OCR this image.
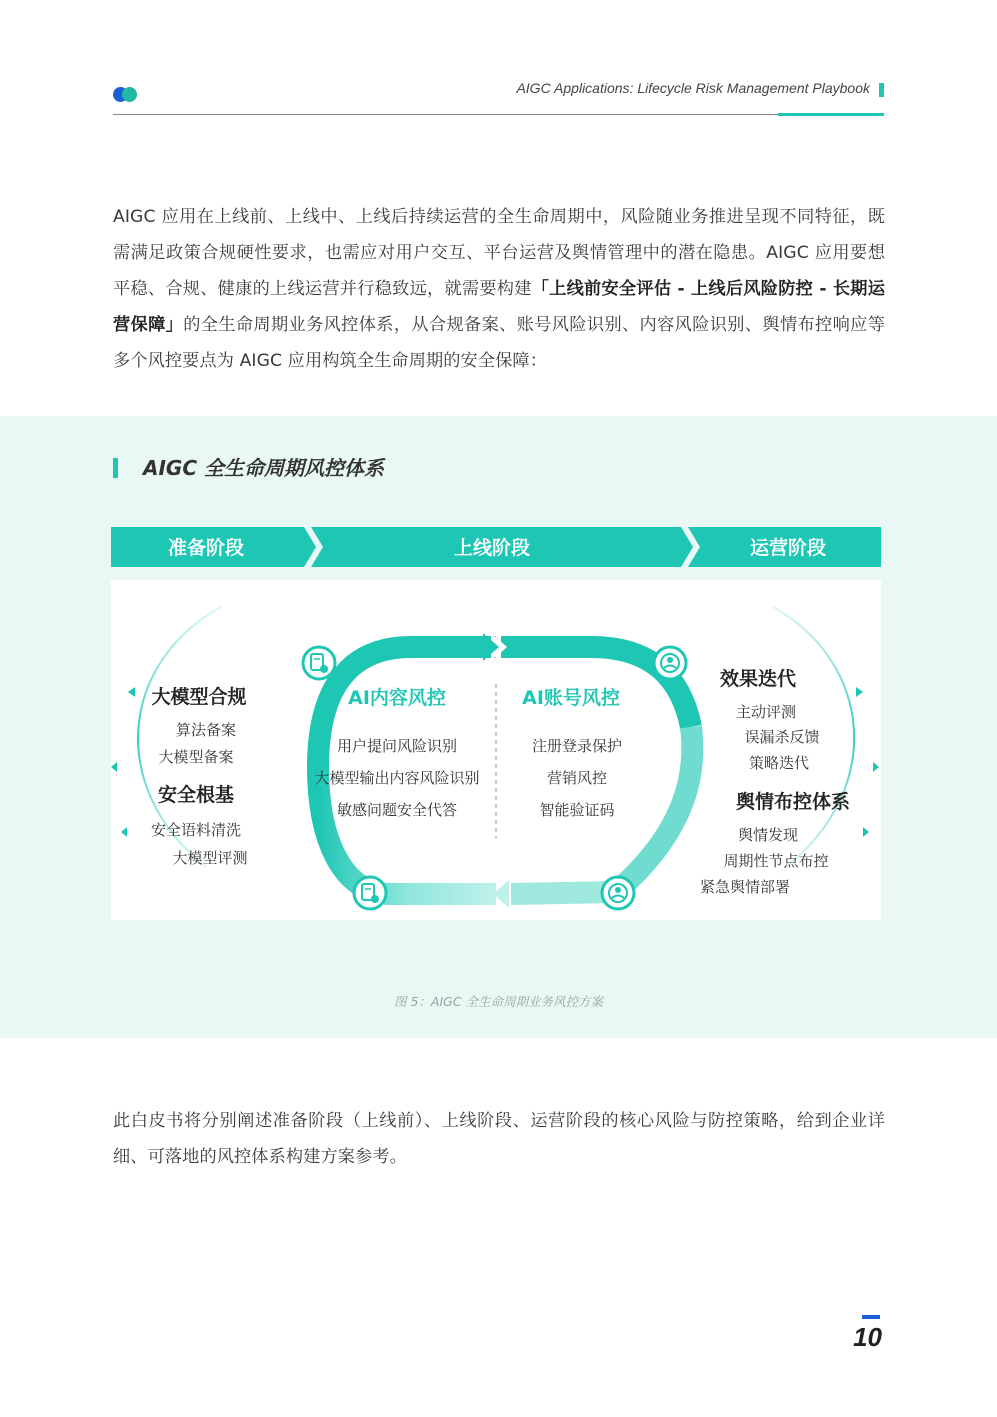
AIGC Applications: Lifecycle Risk Management Playbook
AIGC 应用在上线前、上线中、上线后持续运营的全生命周期中，风险随业务推进呈现不同特征，既需满足政策合规硬性要求，也需应对用户交互、平台运营及舆情管理中的潜在隐患。AIGC 应用要想平稳、合规、健康的上线运营并行稳致远，就需要构建「上线前安全评估 - 上线后风险防控 - 长期运营保障」的全生命周期业务风控体系，从合规备案、账号风险识别、内容风险识别、舆情布控响应等多个风控要点为 AIGC 应用构筑全生命周期的安全保障：
AIGC 全生命周期风控体系
准备阶段	上线阶段	运营阶段
大模型合规
算法备案
大模型备案
安全根基
安全语料清洗
大模型评测
AI内容风控
用户提问风险识别
大模型输出内容风险识别
敏感问题安全代答
AI账号风控
注册登录保护
营销风控
智能验证码
效果迭代
主动评测
误漏杀反馈
策略迭代
舆情布控体系
舆情发现
周期性节点布控
紧急舆情部署
图 5：AIGC 全生命周期业务风控方案
此白皮书将分别阐述准备阶段（上线前）、上线阶段、运营阶段的核心风险与防控策略，给到企业详细、可落地的风控体系构建方案参考。
10
